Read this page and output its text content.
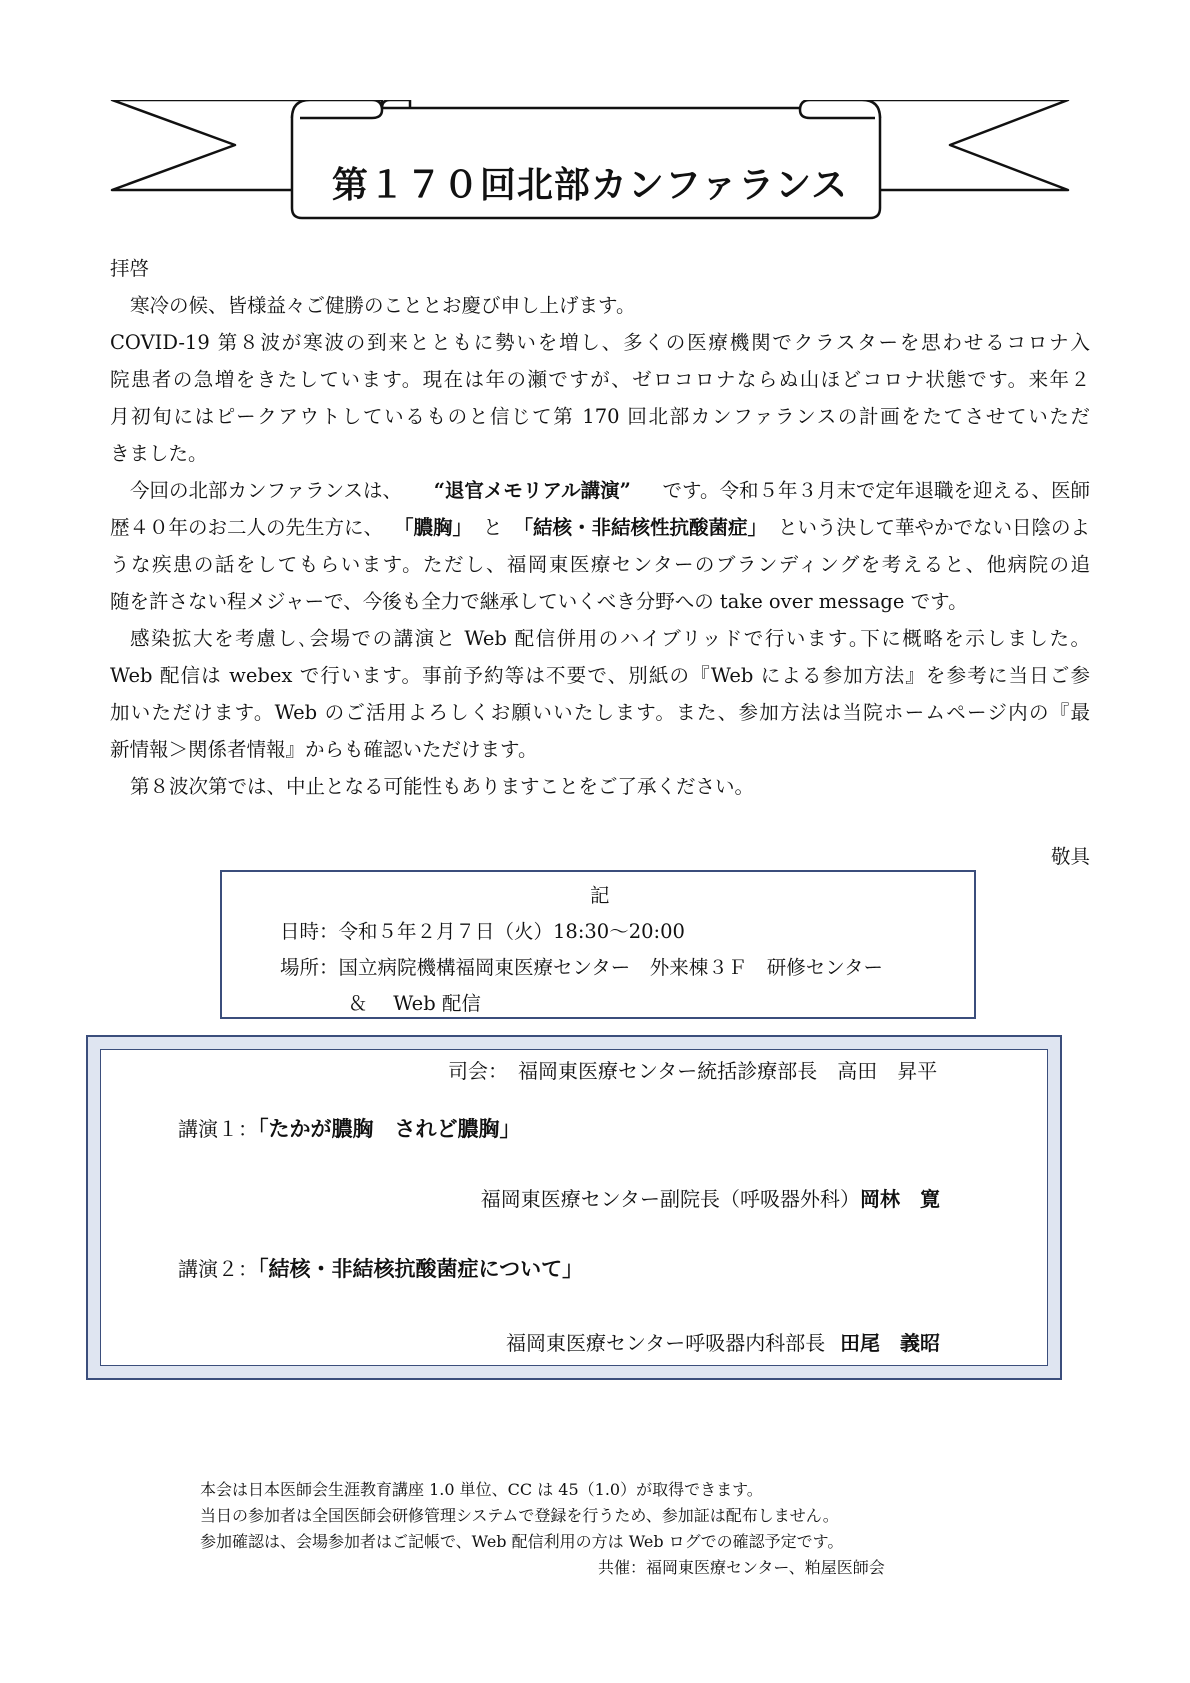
第１７０回北部カンファランス
拝啓
寒冷の候、皆様益々ご健勝のこととお慶び申し上げます。
COVID-19 第８波が寒波の到来とともに勢いを増し、多くの医療機関でクラスターを思わせるコロナ入
院患者の急増をきたしています。現在は年の瀬ですが、ゼロコロナならぬ山ほどコロナ状態です。来年２
月初旬にはピークアウトしているものと信じて第 170 回北部カンファランスの計画をたてさせていただ
きました。
今回の北部カンファランスは、 “退官メモリアル講演” です。令和５年３月末で定年退職を迎える、医師
歴４０年のお二人の先生方に、 「膿胸」 と 「結核・非結核性抗酸菌症」 という決して華やかでない日陰のよ
うな疾患の話をしてもらいます。ただし、福岡東医療センターのブランディングを考えると、他病院の追
随を許さない程メジャーで、今後も全力で継承していくべき分野への take over message です。
感染拡大を考慮し､会場での講演と Web 配信併用のハイブリッドで行います｡下に概略を示しました。
Web 配信は webex で行います。事前予約等は不要で、別紙の『Web による参加方法』を参考に当日ご参
加いただけます。Web のご活用よろしくお願いいたします。また、参加方法は当院ホームページ内の『最
新情報＞関係者情報』からも確認いただけます。
第８波次第では、中止となる可能性もありますことをご了承ください。
敬具
記
日時：令和５年２月７日（火）18:30～20:00
場所：国立病院機構福岡東医療センター　外来棟３Ｆ　研修センター
＆　 Web 配信
司会：　福岡東医療センター統括診療部長　高田　昇平
講演１：「たかが膿胸　されど膿胸」
福岡東医療センター副院長（呼吸器外科）岡林　寛
講演２：「結核・非結核抗酸菌症について」
福岡東医療センター呼吸器内科部長 田尾　義昭
本会は日本医師会生涯教育講座 1.0 単位、CC は 45（1.0）が取得できます。
当日の参加者は全国医師会研修管理システムで登録を行うため、参加証は配布しません。
参加確認は、会場参加者はご記帳で、Web 配信利用の方は Web ログでの確認予定です。
共催：福岡東医療センター、粕屋医師会
